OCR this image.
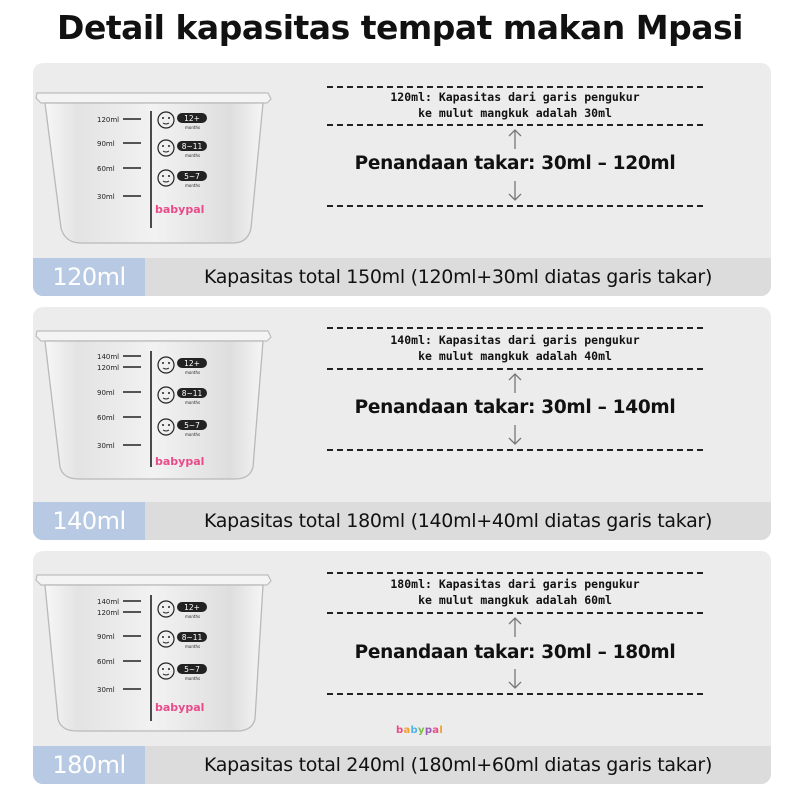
Detail kapasitas tempat makan Mpasi
120ml
90ml
60ml
30ml
12+
months
8~11
months
5~7
months
babypal
120ml: Kapasitas dari garis pengukur
ke mulut mangkuk adalah 30ml
Penandaan takar: 30ml – 120ml
120ml	Kapasitas total 150ml (120ml+30ml diatas garis takar)
140ml
120ml
90ml
60ml
30ml
12+
months
8~11
months
5~7
months
babypal
140ml: Kapasitas dari garis pengukur
ke mulut mangkuk adalah 40ml
Penandaan takar: 30ml – 140ml
140ml	Kapasitas total 180ml (140ml+40ml diatas garis takar)
140ml
120ml
90ml
60ml
30ml
12+
months
8~11
months
5~7
months
babypal
180ml: Kapasitas dari garis pengukur
ke mulut mangkuk adalah 60ml
Penandaan takar: 30ml – 180ml
180ml	Kapasitas total 240ml (180ml+60ml diatas garis takar)
babypal
